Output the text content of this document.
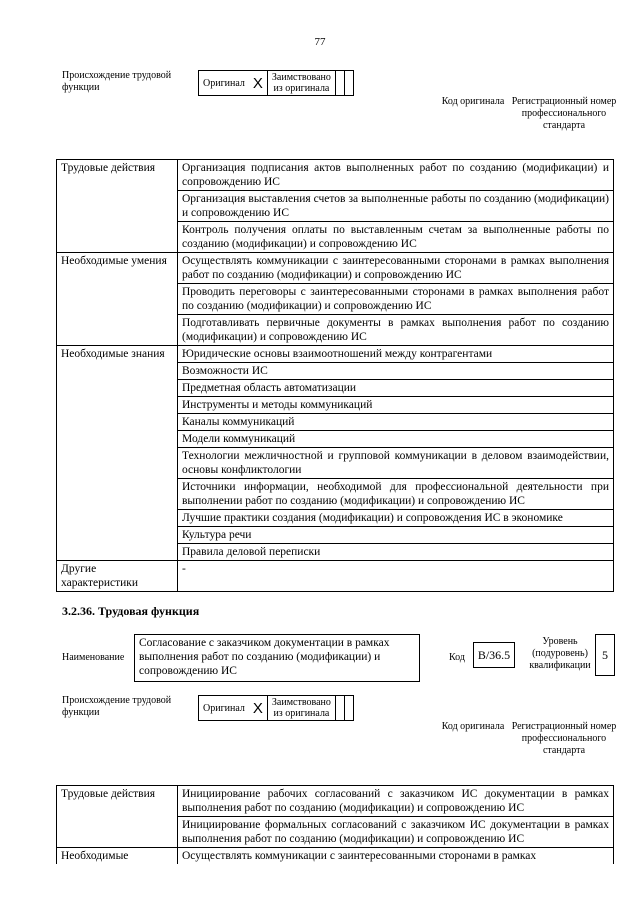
77
Происхождение трудовой функции	Оригинал	X	Заимствовано из оригинала		
Код оригинала Регистрационный номер профессионального стандарта
Трудовые действия	Организация подписания актов выполненных работ по созданию (модификации) и сопровождению ИС
	Организация выставления счетов за выполненные работы по созданию (модификации) и сопровождению ИС
	Контроль получения оплаты по выставленным счетам за выполненные работы по созданию (модификации) и сопровождению ИС
Необходимые умения	Осуществлять коммуникации с заинтересованными сторонами в рамках выполнения работ по созданию (модификации) и сопровождению ИС
	Проводить переговоры с заинтересованными сторонами в рамках выполнения работ по созданию (модификации) и сопровождению ИС
	Подготавливать первичные документы в рамках выполнения работ по созданию (модификации) и сопровождению ИС
Необходимые знания	Юридические основы взаимоотношений между контрагентами
	Возможности ИС
	Предметная область автоматизации
	Инструменты и методы коммуникаций
	Каналы коммуникаций
	Модели коммуникаций
	Технологии межличностной и групповой коммуникации в деловом взаимодействии, основы конфликтологии
	Источники информации, необходимой для профессиональной деятельности при выполнении работ по созданию (модификации) и сопровождению ИС
	Лучшие практики создания (модификации) и сопровождения ИС в экономике
	Культура речи
	Правила деловой переписки
Другие характеристики	-
3.2.36. Трудовая функция
Наименование
Согласование с заказчиком документации в рамках выполнения работ по созданию (модификации) и сопровождению ИС
Код	B/36.5
Уровень (подуровень) квалификации
5
Происхождение трудовой функции	Оригинал	X	Заимствовано из оригинала		
Код оригинала Регистрационный номер профессионального стандарта
Трудовые действия	Инициирование рабочих согласований с заказчиком ИС документации в рамках выполнения работ по созданию (модификации) и сопровождению ИС
	Инициирование формальных согласований с заказчиком ИС документации в рамках выполнения работ по созданию (модификации) и сопровождению ИС
Необходимые	Осуществлять коммуникации с заинтересованными сторонами в рамках
